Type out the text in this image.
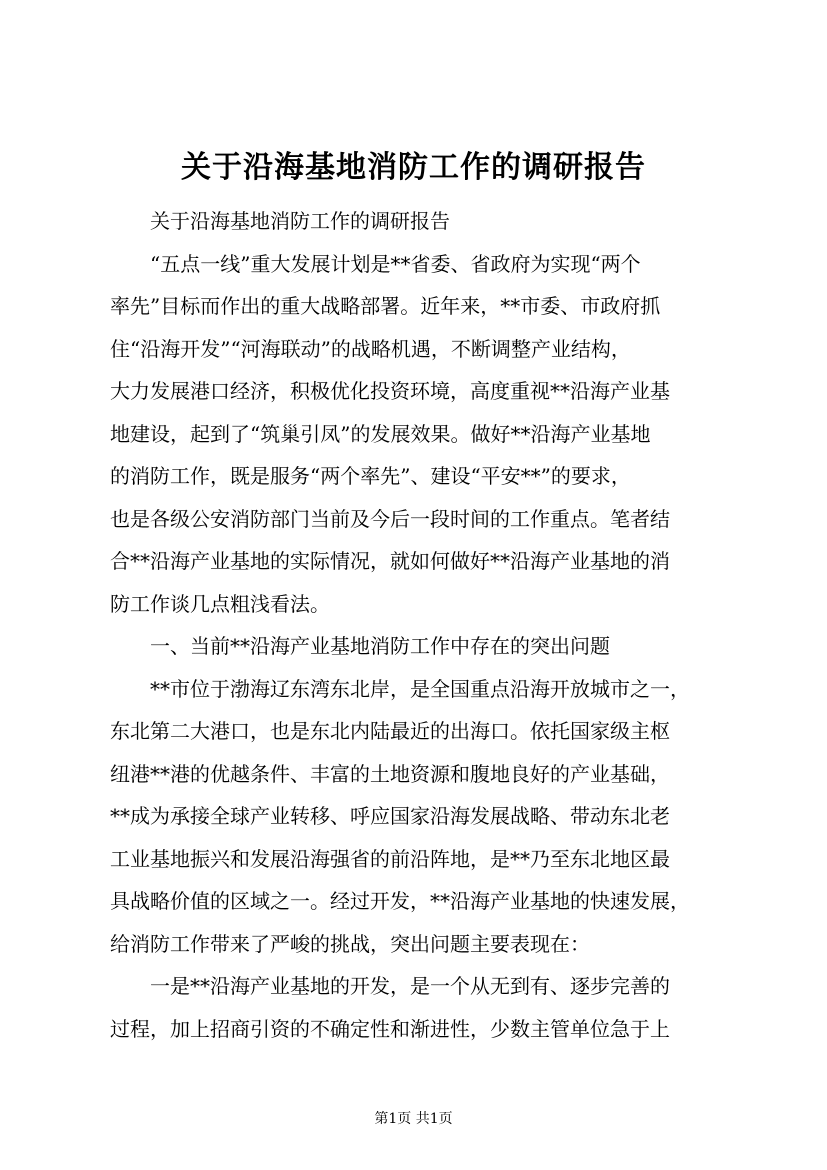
关于沿海基地消防工作的调研报告
关于沿海基地消防工作的调研报告
“五点一线”重大发展计划是**省委、省政府为实现“两个
率先”目标而作出的重大战略部署。近年来，**市委、市政府抓
住“沿海开发”“河海联动”的战略机遇，不断调整产业结构，
大力发展港口经济，积极优化投资环境，高度重视**沿海产业基
地建设，起到了“筑巢引凤”的发展效果。做好**沿海产业基地
的消防工作，既是服务“两个率先”、建设“平安**”的要求，
也是各级公安消防部门当前及今后一段时间的工作重点。笔者结
合**沿海产业基地的实际情况，就如何做好**沿海产业基地的消
防工作谈几点粗浅看法。
一、当前**沿海产业基地消防工作中存在的突出问题
**市位于渤海辽东湾东北岸，是全国重点沿海开放城市之一，
东北第二大港口，也是东北内陆最近的出海口。依托国家级主枢
纽港**港的优越条件、丰富的土地资源和腹地良好的产业基础，
**成为承接全球产业转移、呼应国家沿海发展战略、带动东北老
工业基地振兴和发展沿海强省的前沿阵地，是**乃至东北地区最
具战略价值的区域之一。经过开发，**沿海产业基地的快速发展，
给消防工作带来了严峻的挑战，突出问题主要表现在：
一是**沿海产业基地的开发，是一个从无到有、逐步完善的
过程，加上招商引资的不确定性和渐进性，少数主管单位急于上
第1页 共1页
